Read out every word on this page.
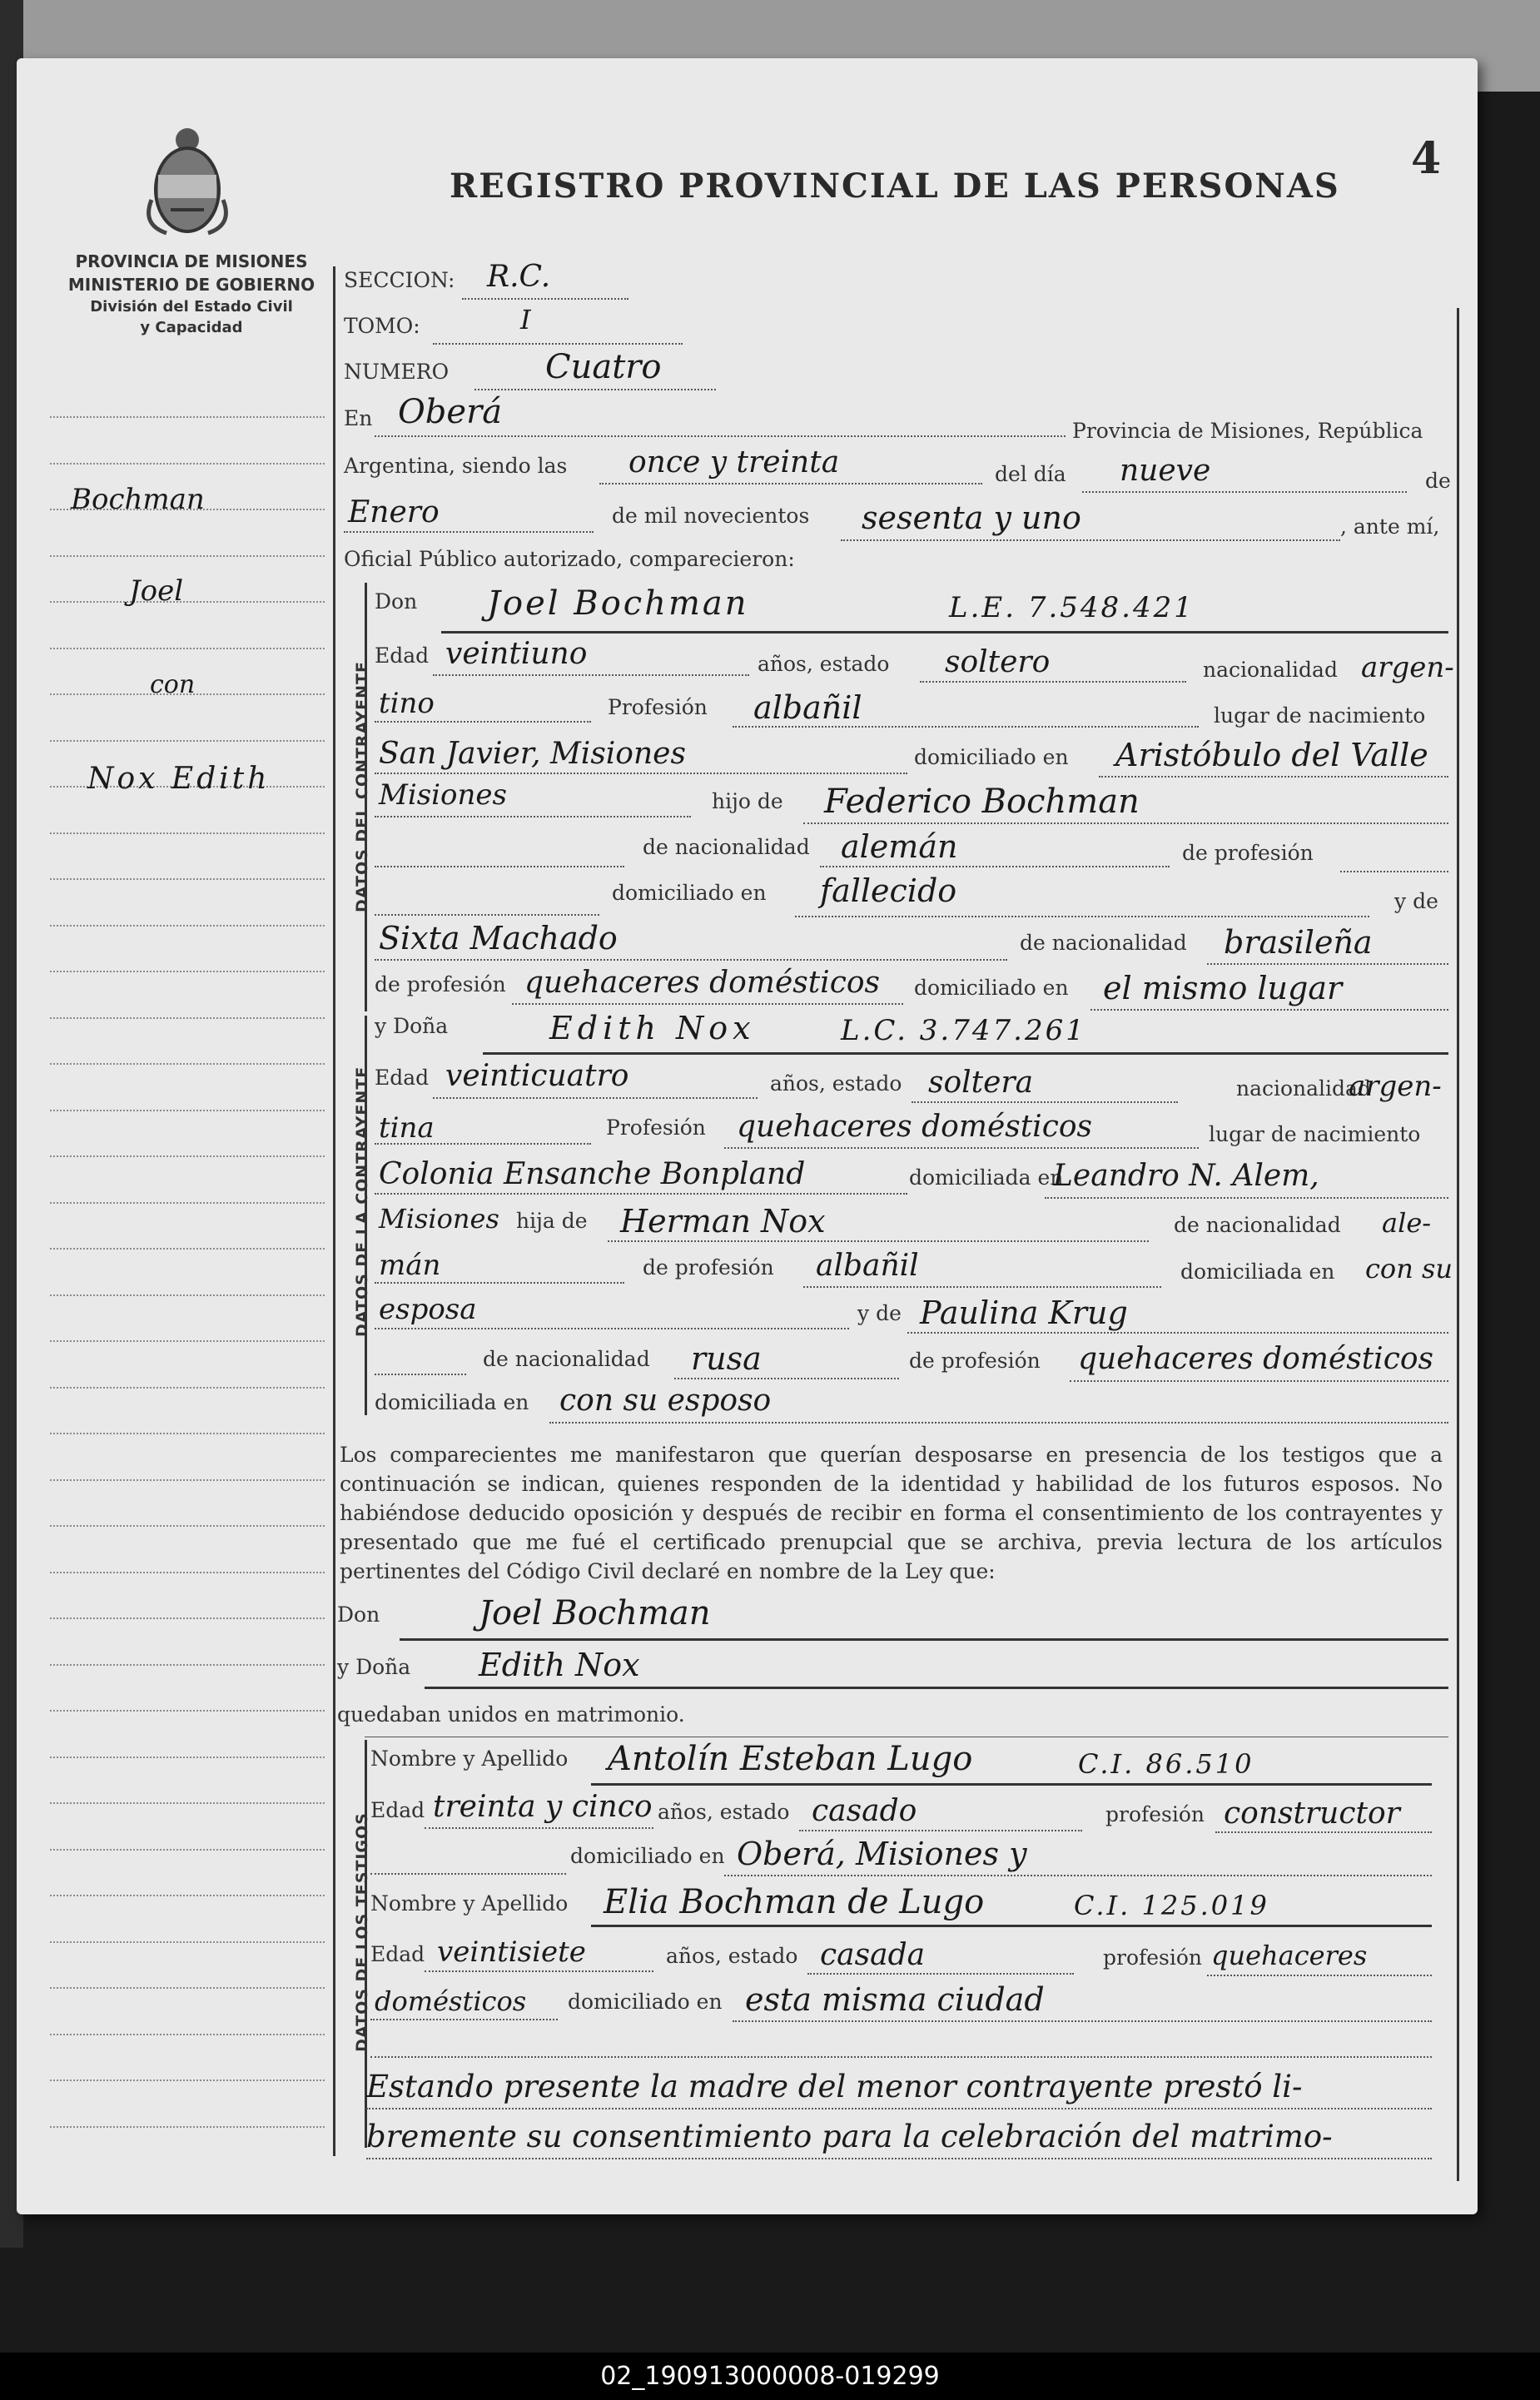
PROVINCIA DE MISIONES
MINISTERIO DE GOBIERNO
División del Estado Civil
y Capacidad
REGISTRO PROVINCIAL DE LAS PERSONAS
4
Bochman
Joel
con
Nox Edith	DATOS DEL CONTRAYENTE
DATOS DE LA CONTRAYENTE
DATOS DE LOS TESTIGOS
SECCION: R.C.
TOMO:	I
NUMERO	Cuatro
En Oberá	Provincia de Misiones, República
Argentina, siendo las once y treinta	del día nueve	de
Enero	de mil novecientos sesenta y uno	, ante mí,
Oficial Público autorizado, comparecieron:
Don Joel Bochman	L.E. 7.548.421
Edad veintiuno	años, estado soltero	nacionalidad argen-
tino	Profesión albañil	lugar de nacimiento
San Javier, Misiones	domiciliado en Aristóbulo del Valle
Misiones	hijo de Federico Bochman
de nacionalidad alemán	de profesión
domiciliado en fallecido	y de
Sixta Machado	de nacionalidad brasileña
de profesión quehaceres domésticos domiciliado en el mismo lugar
y Doña	Edith Nox	L.C. 3.747.261
Edad veinticuatro	años, estado soltera	nacionalidad
argen-
tina	Profesión quehaceres domésticos	lugar de nacimiento
Colonia Ensanche Bonpland	domiciliada en
Leandro N. Alem,
Misiones hija de Herman Nox	de nacionalidad ale-
mán	de profesión albañil	domiciliada en con su
esposa	y de Paulina Krug
de nacionalidad rusa	de profesión quehaceres domésticos
domiciliada en con su esposo
Los comparecientes me manifestaron que querían desposarse en presencia de los testigos que a continuación se indican, quienes responden de la identidad y habilidad de los futuros esposos. No habiéndose deducido oposición y después de recibir en forma el consentimiento de los contrayentes y presentado que me fué el certificado prenupcial que se archiva, previa lectura de los artículos pertinentes del Código Civil declaré en nombre de la Ley que:
Don	Joel Bochman
y Doña Edith Nox
quedaban unidos en matrimonio.
Nombre y Apellido Antolín Esteban Lugo	C.I. 86.510
Edad treinta y cinco años, estado casado	profesión constructor
domiciliado en Oberá, Misiones y
Nombre y Apellido Elia Bochman de Lugo	C.I. 125.019
Edad veintisiete	años, estado casada	profesión quehaceres
domésticos domiciliado en esta misma ciudad
Estando presente la madre del menor contrayente prestó li-
bremente su consentimiento para la celebración del matrimo-
02_190913000008-019299
